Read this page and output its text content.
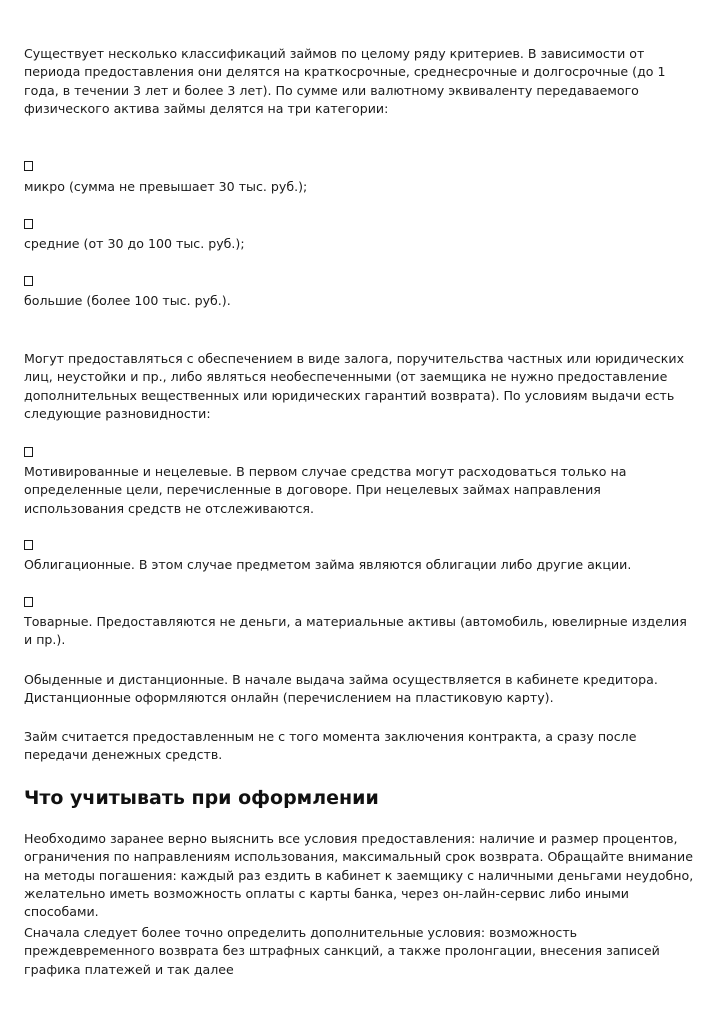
Существует несколько классификаций займов по целому ряду критериев. В зависимости от периода предоставления они делятся на краткосрочные, среднесрочные и долгосрочные (до 1 года, в течении 3 лет и более 3 лет). По сумме или валютному эквиваленту передаваемого физического актива займы делятся на три категории:

микро (сумма не превышает 30 тыс. руб.);

средние (от 30 до 100 тыс. руб.);

большие (более 100 тыс. руб.).

Могут предоставляться с обеспечением в виде залога, поручительства частных или юридических лиц, неустойки и пр., либо являться необеспеченными (от заемщика не нужно предоставление дополнительных вещественных или юридических гарантий возврата). По условиям выдачи есть следующие разновидности:

Мотивированные и нецелевые. В первом случае средства могут расходоваться только на определенные цели, перечисленные в договоре. При нецелевых займах направления использования средств не отслеживаются.

Облигационные. В этом случае предметом займа являются облигации либо другие акции.

Товарные. Предоставляются не деньги, а материальные активы (автомобиль, ювелирные изделия и пр.).

Обыденные и дистанционные. В начале выдача займа осуществляется в кабинете кредитора. Дистанционные оформляются онлайн (перечислением на пластиковую карту).

Займ считается предоставленным не с того момента заключения контракта, а сразу после передачи денежных средств.

Что учитывать при оформлении

Необходимо заранее верно выяснить все условия предоставления: наличие и размер процентов, ограничения по направлениям использования, максимальный срок возврата. Обращайте внимание на методы погашения: каждый раз ездить в кабинет к заемщику с наличными деньгами неудобно, желательно иметь возможность оплаты с карты банка, через он-лайн-сервис либо иными способами.

Сначала следует более точно определить дополнительные условия: возможность преждевременного возврата без штрафных санкций, а также пролонгации, внесения записей графика платежей и так далее
